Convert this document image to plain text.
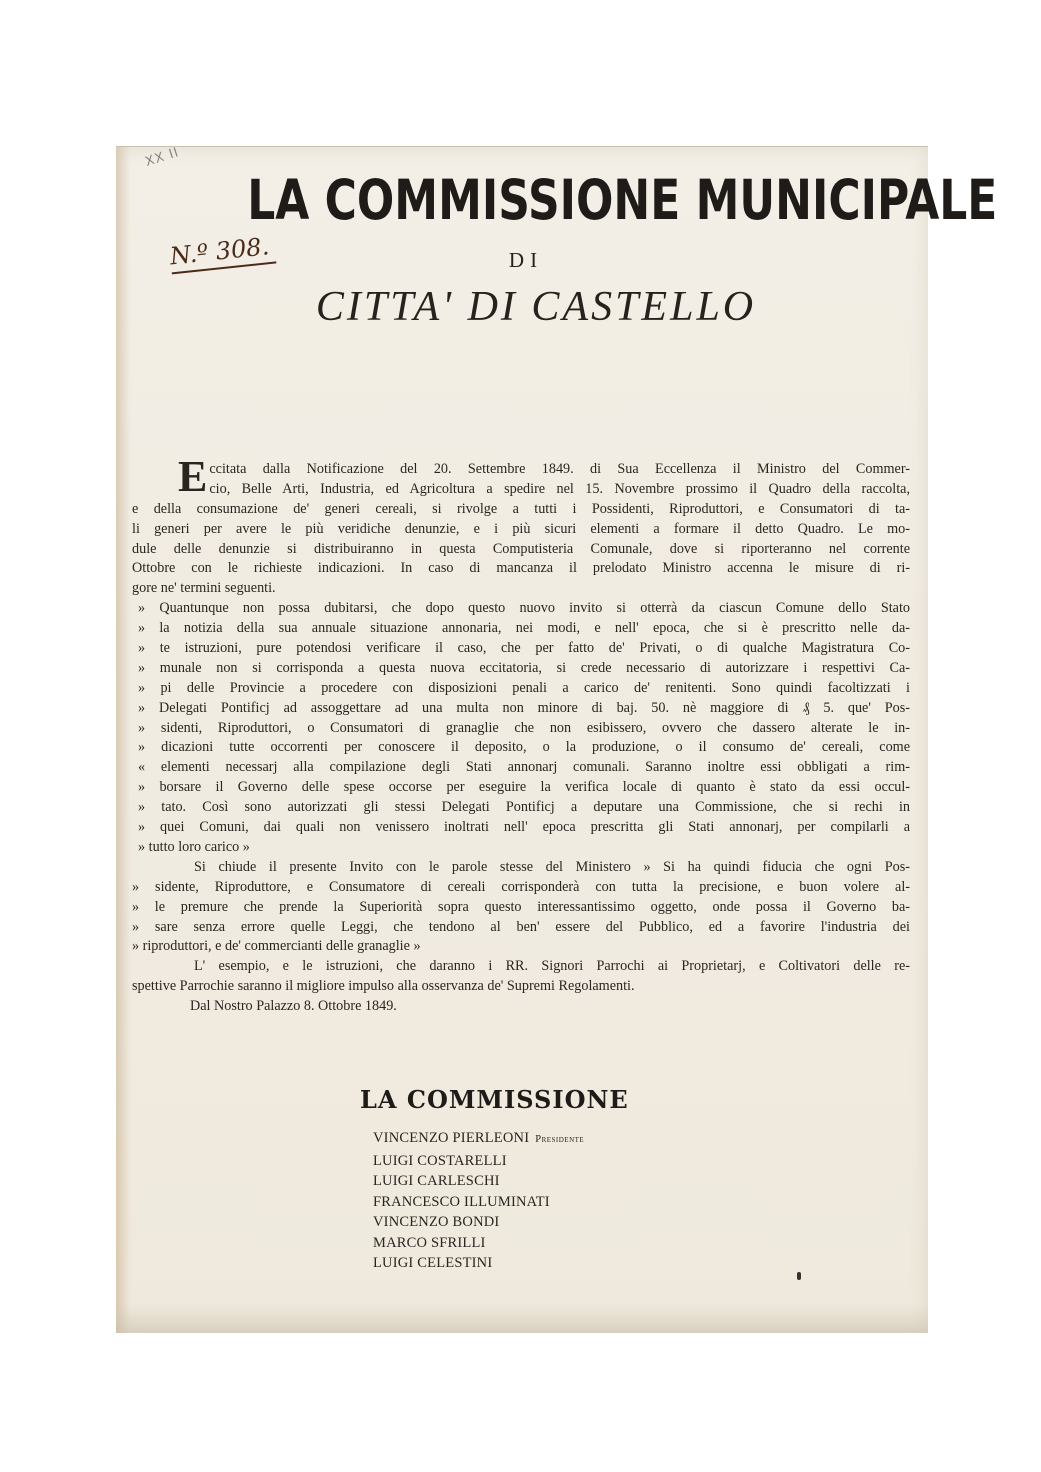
XX II
N.º 308.
LA COMMISSIONE MUNICIPALE
DI
CITTA' DI CASTELLO
E ccitata dalla Notificazione del 20. Settembre 1849. di Sua Eccellenza il Ministro del Commer-
cio, Belle Arti, Industria, ed Agricoltura a spedire nel 15. Novembre prossimo il Quadro della raccolta,
e della consumazione de' generi cereali, si rivolge a tutti i Possidenti, Riproduttori, e Consumatori di ta-
li generi per avere le più veridiche denunzie, e i più sicuri elementi a formare il detto Quadro. Le mo-
dule delle denunzie si distribuiranno in questa Computisteria Comunale, dove si riporteranno nel corrente
Ottobre con le richieste indicazioni. In caso di mancanza il prelodato Ministro accenna le misure di ri-
gore ne' termini seguenti.
» Quantunque non possa dubitarsi, che dopo questo nuovo invito si otterrà da ciascun Comune dello Stato
» la notizia della sua annuale situazione annonaria, nei modi, e nell' epoca, che si è prescritto nelle da-
» te istruzioni, pure potendosi verificare il caso, che per fatto de' Privati, o di qualche Magistratura Co-
» munale non si corrisponda a questa nuova eccitatoria, si crede necessario di autorizzare i respettivi Ca-
» pi delle Provincie a procedere con disposizioni penali a carico de' renitenti. Sono quindi facoltizzati i
» Delegati Pontificj ad assoggettare ad una multa non minore di baj. 50. nè maggiore di ₰ 5. que' Pos-
» sidenti, Riproduttori, o Consumatori di granaglie che non esibissero, ovvero che dassero alterate le in-
» dicazioni tutte occorrenti per conoscere il deposito, o la produzione, o il consumo de' cereali, come
« elementi necessarj alla compilazione degli Stati annonarj comunali. Saranno inoltre essi obbligati a rim-
» borsare il Governo delle spese occorse per eseguire la verifica locale di quanto è stato da essi occul-
» tato. Così sono autorizzati gli stessi Delegati Pontificj a deputare una Commissione, che si rechi in
» quei Comuni, dai quali non venissero inoltrati nell' epoca prescritta gli Stati annonarj, per compilarli a
» tutto loro carico »
Si chiude il presente Invito con le parole stesse del Ministero » Si ha quindi fiducia che ogni Pos-
» sidente, Riproduttore, e Consumatore di cereali corrisponderà con tutta la precisione, e buon volere al-
» le premure che prende la Superiorità sopra questo interessantissimo oggetto, onde possa il Governo ba-
» sare senza errore quelle Leggi, che tendono al ben' essere del Pubblico, ed a favorire l'industria dei
» riproduttori, e de' commercianti delle granaglie »
L' esempio, e le istruzioni, che daranno i RR. Signori Parrochi ai Proprietarj, e Coltivatori delle re-
spettive Parrochie saranno il migliore impulso alla osservanza de' Supremi Regolamenti.
Dal Nostro Palazzo 8. Ottobre 1849.
LA COMMISSIONE
VINCENZO PIERLEONI Presidente
LUIGI COSTARELLI
LUIGI CARLESCHI
FRANCESCO ILLUMINATI
VINCENZO BONDI
MARCO SFRILLI
LUIGI CELESTINI
